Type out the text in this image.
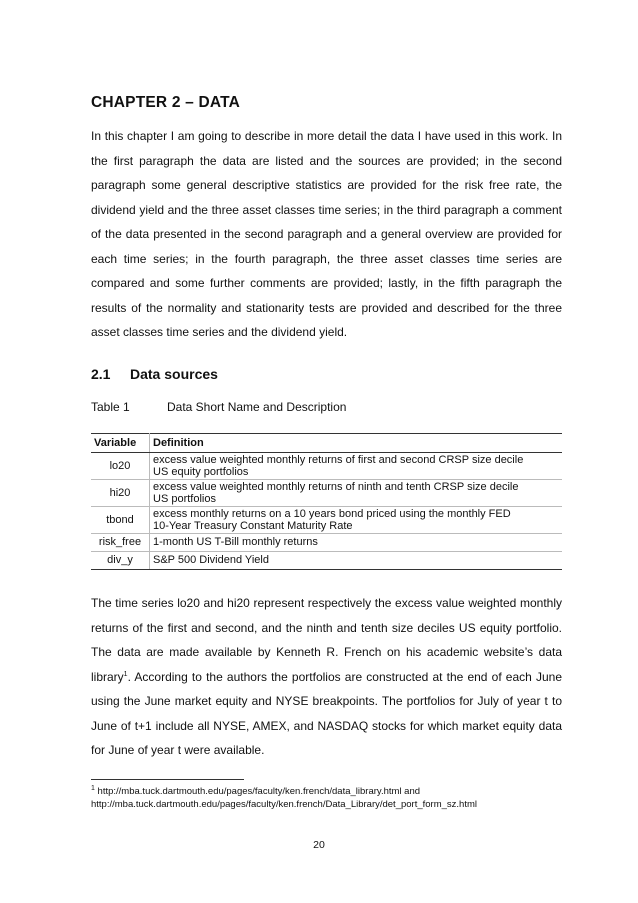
CHAPTER 2 – DATA

In this chapter I am going to describe in more detail the data I have used in this work. In the first paragraph the data are listed and the sources are provided; in the second paragraph some general descriptive statistics are provided for the risk free rate, the dividend yield and the three asset classes time series; in the third paragraph a comment of the data presented in the second paragraph and a general overview are provided for each time series; in the fourth paragraph, the three asset classes time series are compared and some further comments are provided; lastly, in the fifth paragraph the results of the normality and stationarity tests are provided and described for the three asset classes time series and the dividend yield.

2.1 Data sources

Table 1	Data Short Name and Description

Variable	Definition
lo20	excess value weighted monthly returns of first and second CRSP size decile
US equity portfolios

hi20	excess value weighted monthly returns of ninth and tenth CRSP size decile
US portfolios

tbond	excess monthly returns on a 10 years bond priced using the monthly FED
10-Year Treasury Constant Maturity Rate

risk_free	1-month US T-Bill monthly returns
div_y	S&P 500 Dividend Yield

The time series lo20 and hi20 represent respectively the excess value weighted monthly returns of the first and second, and the ninth and tenth size deciles US equity portfolio. The data are made available by Kenneth R. French on his academic website’s data library$^1$. According to the authors the portfolios are constructed at the end of each June using the June market equity and NYSE breakpoints. The portfolios for July of year t to June of t+1 include all NYSE, AMEX, and NASDAQ stocks for which market equity data for June of year t were available.

$^1$ http://mba.tuck.dartmouth.edu/pages/faculty/ken.french/data_library.html and
http://mba.tuck.dartmouth.edu/pages/faculty/ken.french/Data_Library/det_port_form_sz.html

20
